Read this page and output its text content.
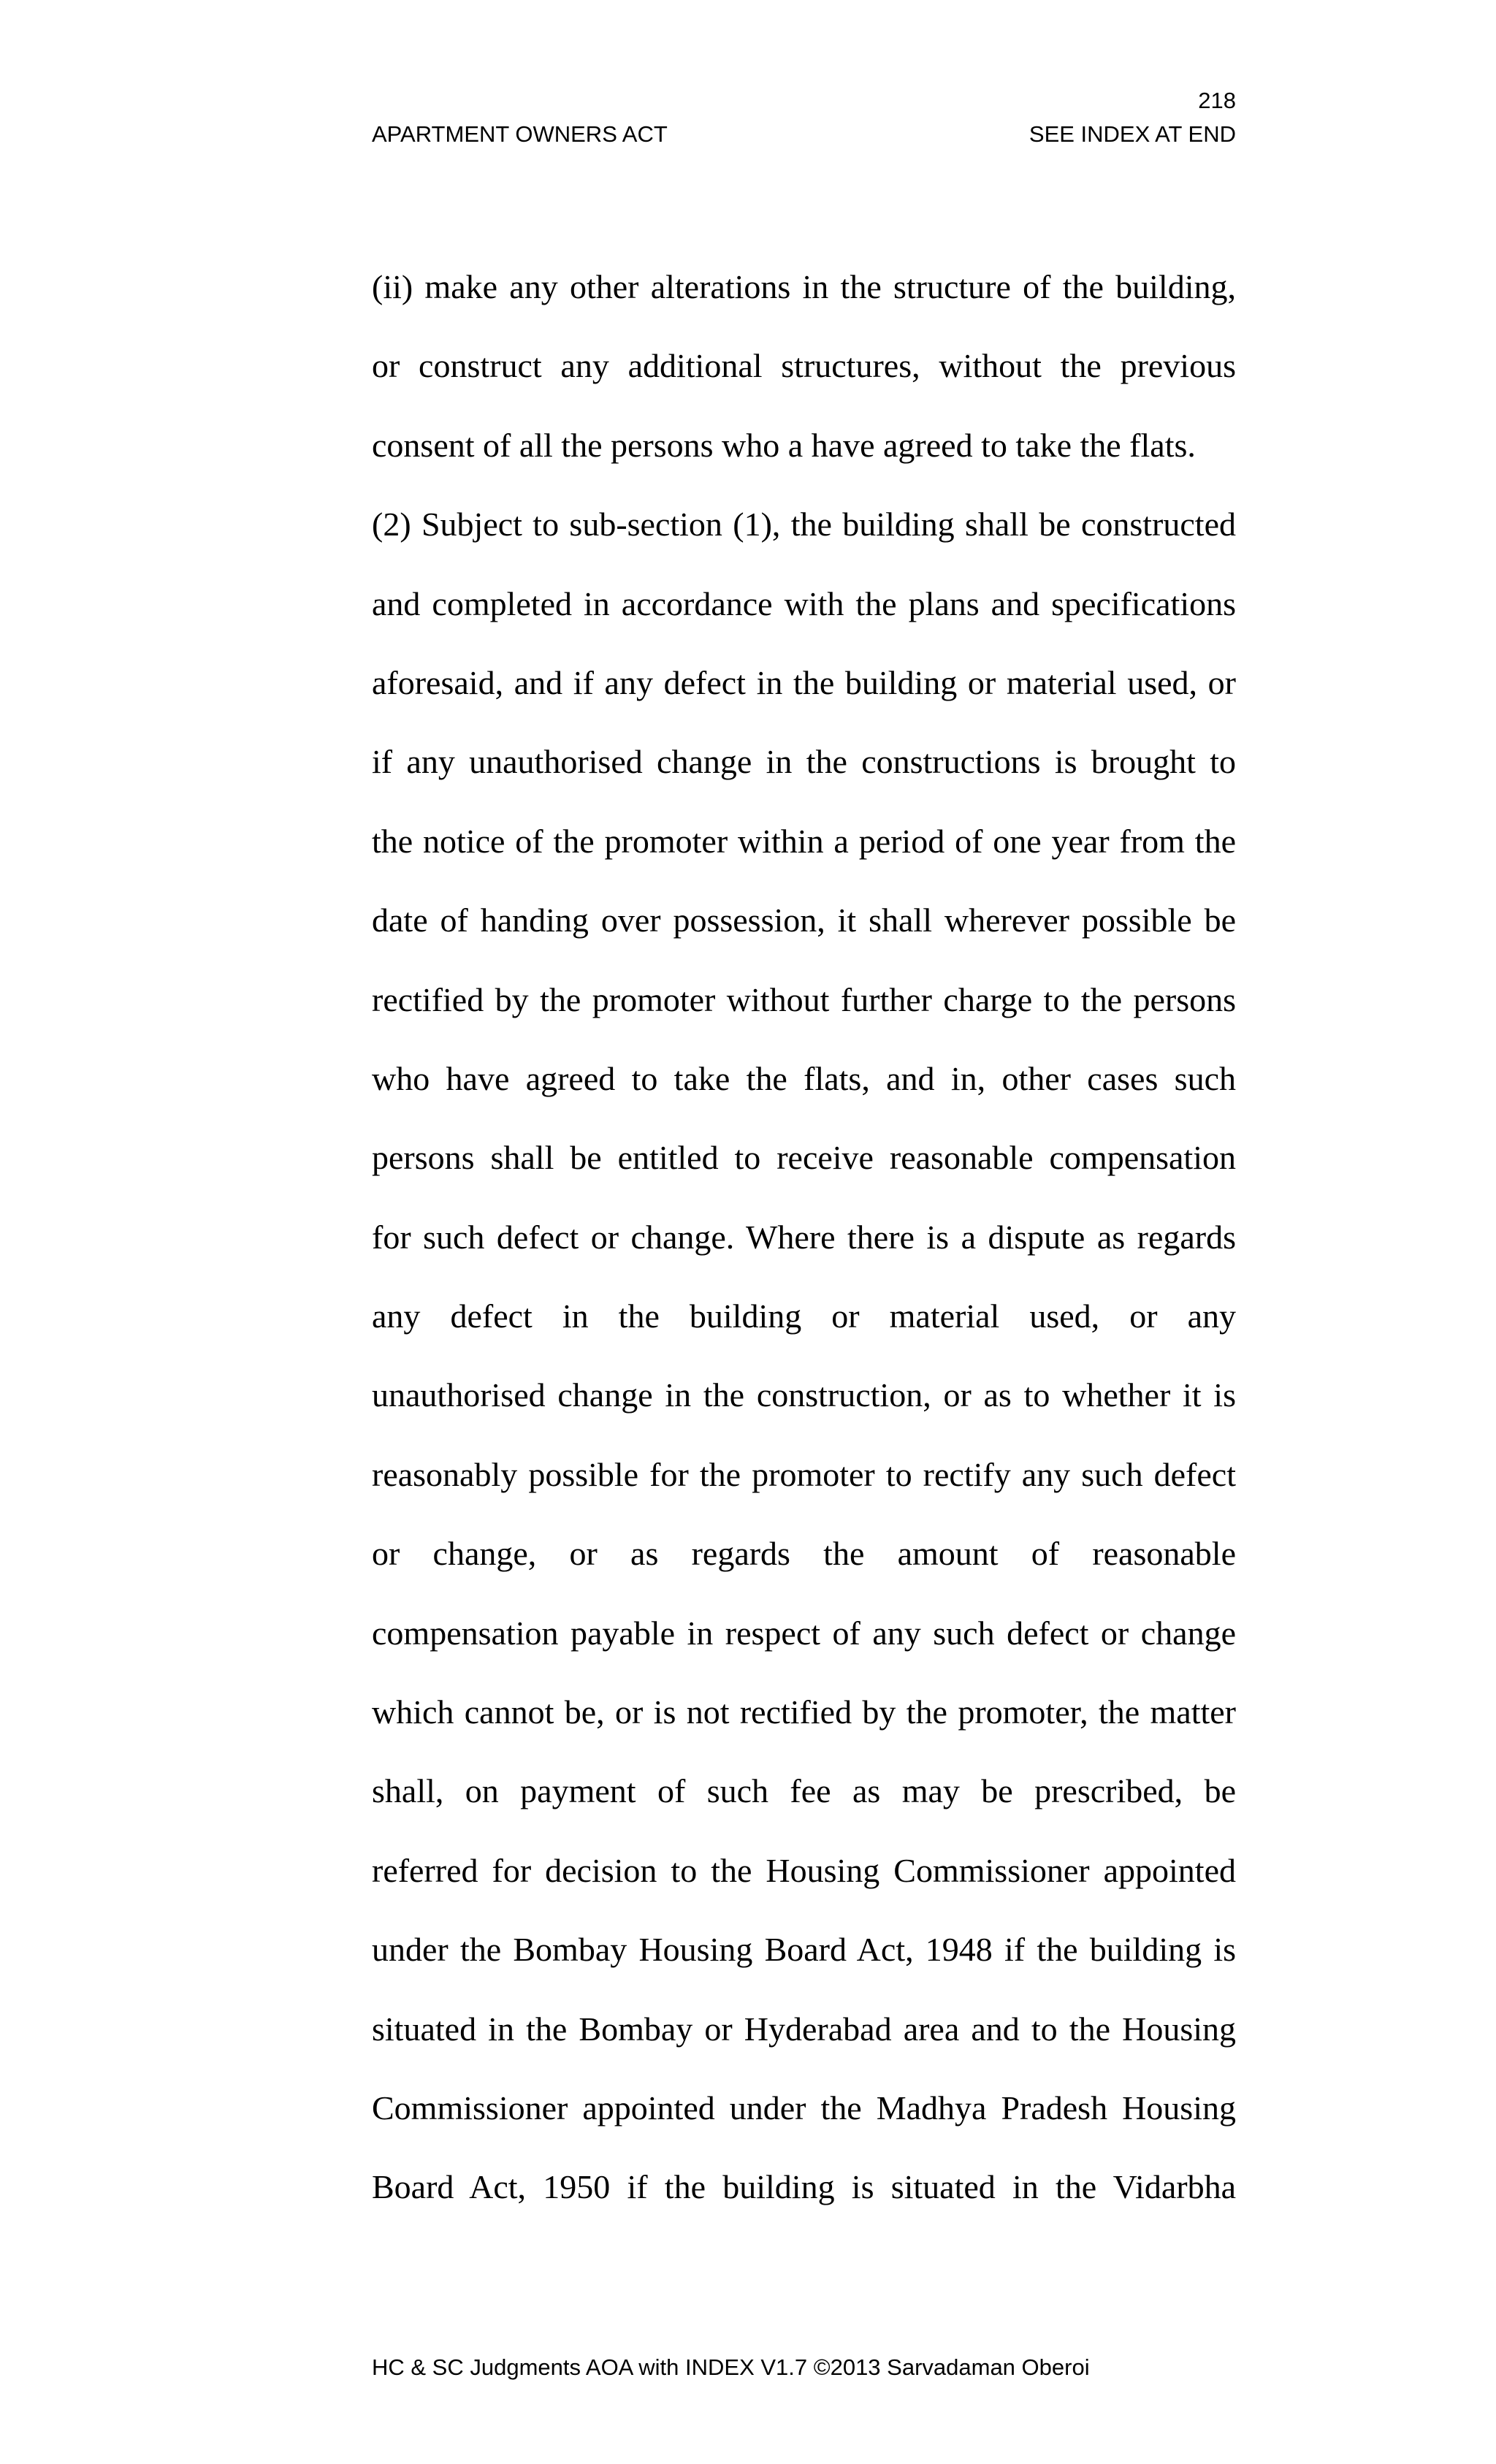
218
APARTMENT OWNERS ACT	SEE INDEX AT END
(ii) make any other alterations in the structure of the building,
or construct any additional structures, without the previous
consent of all the persons who a have agreed to take the flats.
(2) Subject to sub-section (1), the building shall be constructed
and completed in accordance with the plans and specifications
aforesaid, and if any defect in the building or material used, or
if any unauthorised change in the constructions is brought to
the notice of the promoter within a period of one year from the
date of handing over possession, it shall wherever possible be
rectified by the promoter without further charge to the persons
who have agreed to take the flats, and in, other cases such
persons shall be entitled to receive reasonable compensation
for such defect or change. Where there is a dispute as regards
any defect in the building or material used, or any
unauthorised change in the construction, or as to whether it is
reasonably possible for the promoter to rectify any such defect
or change, or as regards the amount of reasonable
compensation payable in respect of any such defect or change
which cannot be, or is not rectified by the promoter, the matter
shall, on payment of such fee as may be prescribed, be
referred for decision to the Housing Commissioner appointed
under the Bombay Housing Board Act, 1948 if the building is
situated in the Bombay or Hyderabad area and to the Housing
Commissioner appointed under the Madhya Pradesh Housing
Board Act, 1950 if the building is situated in the Vidarbha
HC & SC Judgments AOA with INDEX V1.7 ©2013 Sarvadaman Oberoi
